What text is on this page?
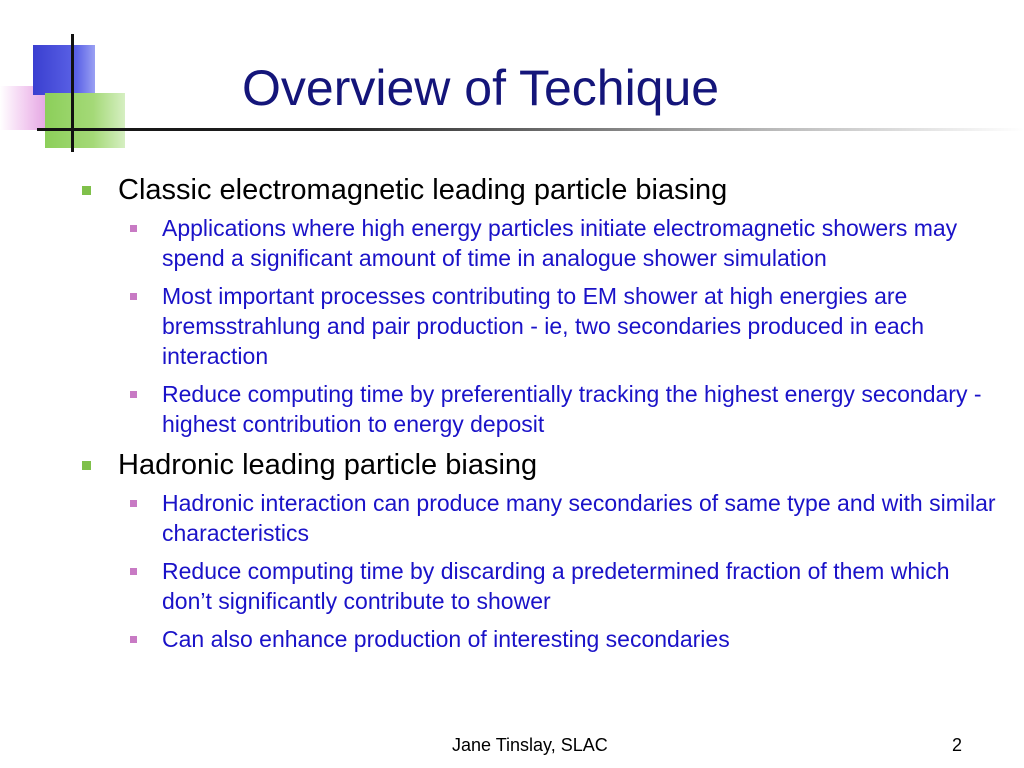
Overview of Techique
Classic electromagnetic leading particle biasing
Applications where high energy particles initiate electromagnetic showers may spend a significant amount of time in analogue shower simulation
Most important processes contributing to EM shower at high energies are bremsstrahlung and pair production - ie, two secondaries produced in each interaction
Reduce computing time by preferentially tracking the highest energy secondary - highest contribution to energy deposit
Hadronic leading particle biasing
Hadronic interaction can produce many secondaries of same type and with similar characteristics
Reduce computing time by discarding a predetermined fraction of them which don’t significantly contribute to shower
Can also enhance production of interesting secondaries
Jane Tinslay, SLAC	2
